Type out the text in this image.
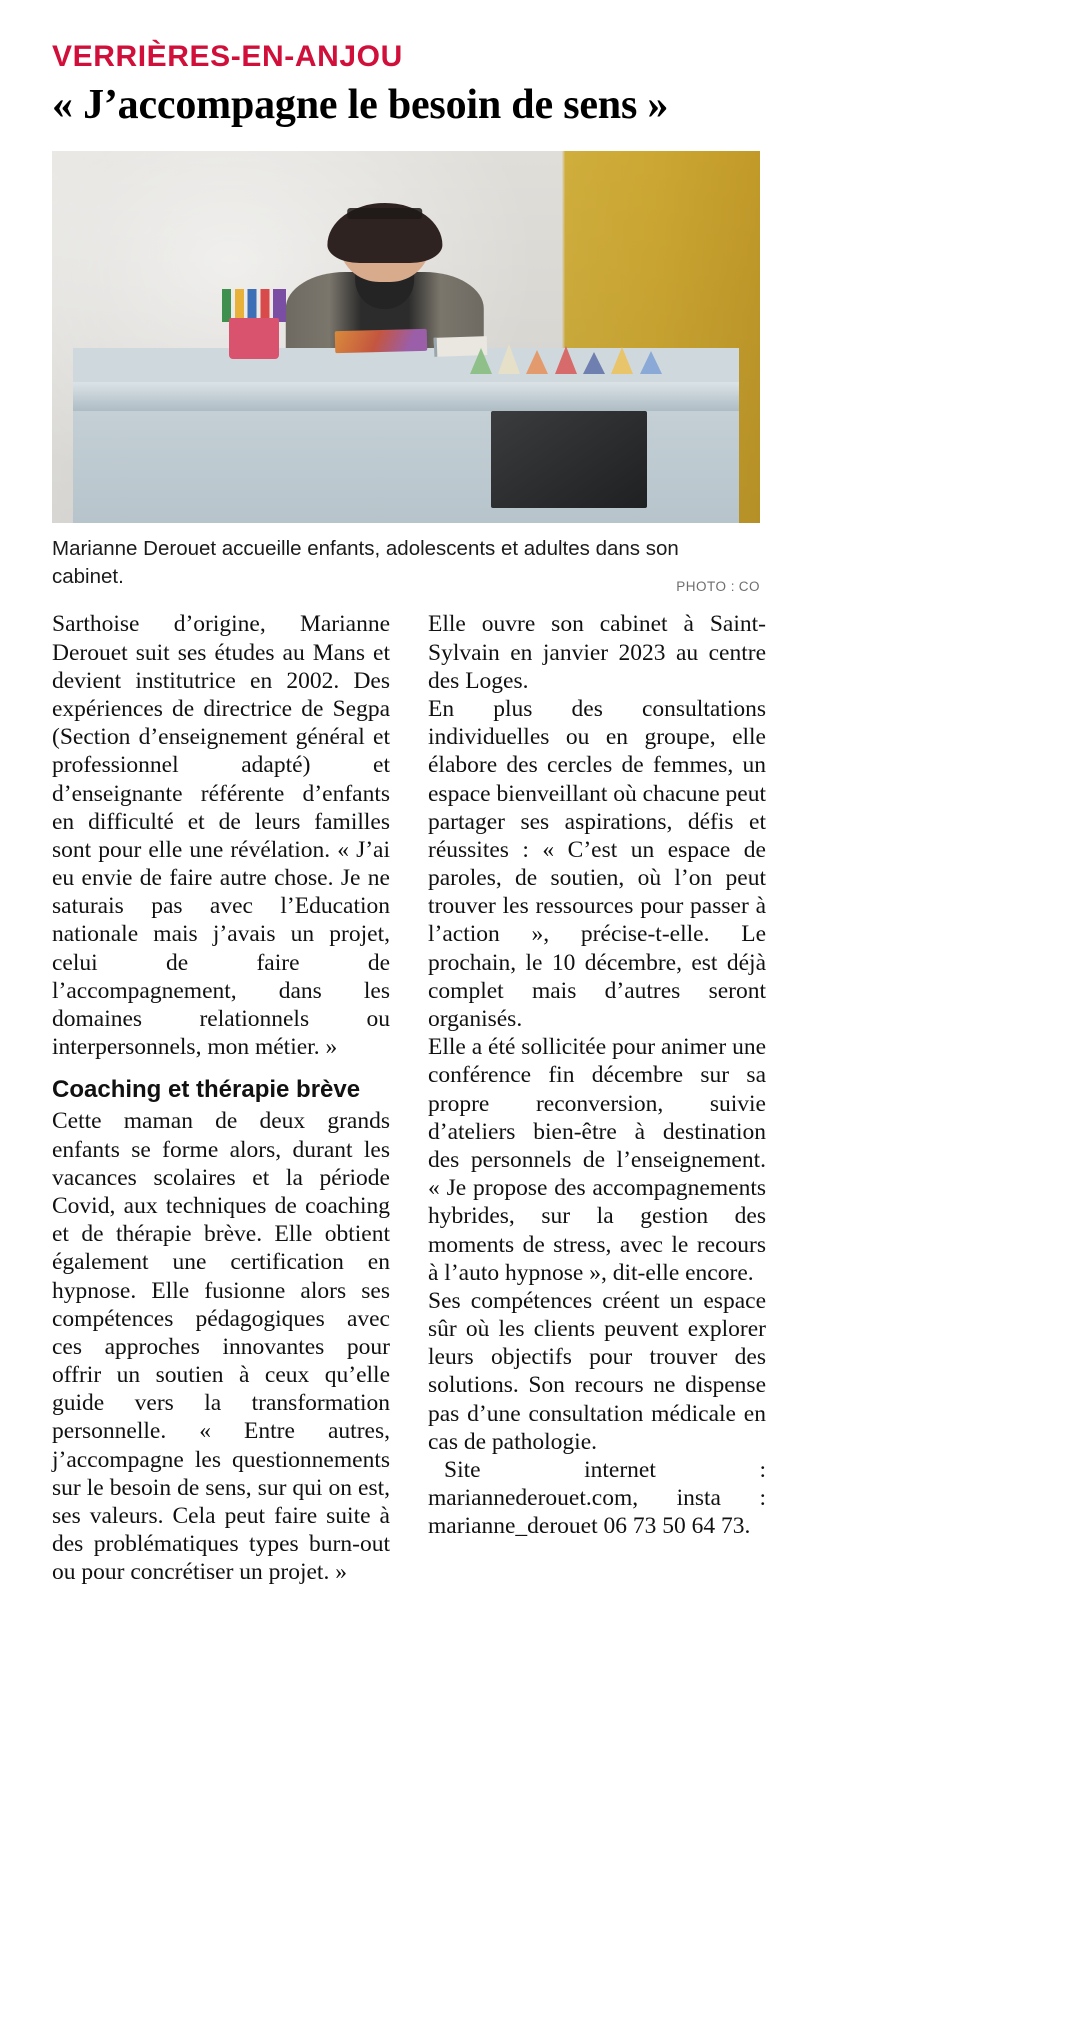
VERRIÈRES-EN-ANJOU
« J’accompagne le besoin de sens »

Marianne Derouet accueille enfants, adolescents et adultes dans son cabinet.	PHOTO : CO

Sarthoise d’origine, Marianne Derouet suit ses études au Mans et devient institutrice en 2002. Des expériences de directrice de Segpa (Section d’enseignement général et professionnel adapté) et d’enseignante référente d’enfants en difficulté et de leurs familles sont pour elle une révélation. « J’ai eu envie de faire autre chose. Je ne saturais pas avec l’Education nationale mais j’avais un projet, celui de faire de l’accompagnement, dans les domaines relationnels ou interpersonnels, mon métier. »

Coaching et thérapie brève

Cette maman de deux grands enfants se forme alors, durant les vacances scolaires et la période Covid, aux techniques de coaching et de thérapie brève. Elle obtient également une certification en hypnose. Elle fusionne alors ses compétences pédagogiques avec ces approches innovantes pour offrir un soutien à ceux qu’elle guide vers la transformation personnelle. « Entre autres, j’accompagne les questionnements sur le besoin de sens, sur qui on est, ses valeurs. Cela peut faire suite à des problématiques types burn-out ou pour concrétiser un projet. »

Elle ouvre son cabinet à Saint-Sylvain en janvier 2023 au centre des Loges.

En plus des consultations individuelles ou en groupe, elle élabore des cercles de femmes, un espace bienveillant où chacune peut partager ses aspirations, défis et réussites : « C’est un espace de paroles, de soutien, où l’on peut trouver les ressources pour passer à l’action », précise-t-elle. Le prochain, le 10 décembre, est déjà complet mais d’autres seront organisés.

Elle a été sollicitée pour animer une conférence fin décembre sur sa propre reconversion, suivie d’ateliers bien-être à destination des personnels de l’enseignement. « Je propose des accompagnements hybrides, sur la gestion des moments de stress, avec le recours à l’auto hypnose », dit-elle encore.

Ses compétences créent un espace sûr où les clients peuvent explorer leurs objectifs pour trouver des solutions. Son recours ne dispense pas d’une consultation médicale en cas de pathologie.

Site internet : mariannederouet.com, insta : marianne_derouet 06 73 50 64 73.
